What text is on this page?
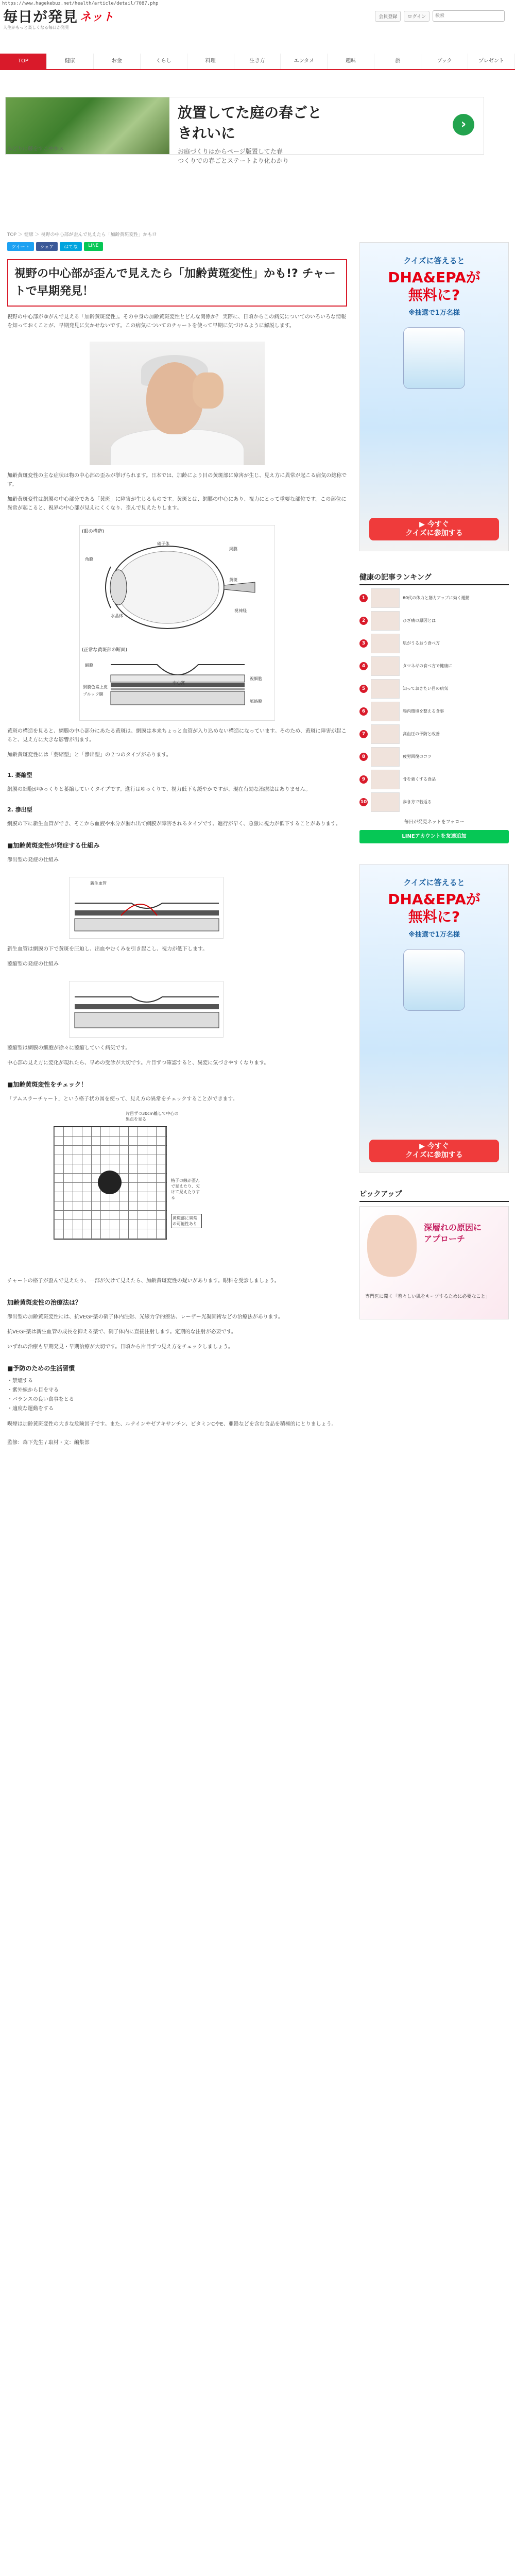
https://www.hagekebuz.net/health/article/detail/7087.php
毎日が発見 ネット
人生がもっと楽しくなる毎日が発見
会員登録	ログイン
検索
TOP	健康	お金	くらし	料理	生き方	エンタメ	趣味	旅	ブック	プレゼント
放置してた庭の春ごと
きれいに

お庭づくりはからページ版置してた春
つくりでの春ごとステートより化わかり

›
みどりに藤をすこやかス
TOP ＞ 健康 ＞ 視野の中心部が歪んで見えたら「加齢黄斑変性」かも!?
ツイート	シェア	はてな	LINE
視野の中心部が歪んで見えたら「加齢黄斑変性」かも!? チャートで早期発見！

視野の中心部がゆがんで見える「加齢黄斑変性」。その中身の加齢黄斑変性とどんな関係か？ 実際に、日頃からこの病気についてのいろいろな情報を知っておくことが、早期発見に欠かせないです。この病気についてのチャートを使って早期に気づけるように解説します。

加齢黄斑変性の主な症状は物の中心部の歪みが挙げられます。日本では、加齢により目の黄斑部に障害が生じ、見え方に異常が起こる病気の総称です。

加齢黄斑変性は網膜の中心部分である「黄斑」に障害が生じるものです。黄斑とは、網膜の中心にあり、視力にとって重要な部位です。この部位に異常が起こると、視界の中心部が見えにくくなり、歪んで見えたりします。

(眼の構造)
角膜
水晶体
硝子体
網膜
黄斑
視神経
(正常な黄斑部の断面)
網膜
中心窩
視細胞
網膜色素上皮
ブルッフ膜
脈絡膜

黄斑の構造を見ると、網膜の中心部分にあたる黄斑は、網膜は本来ちょっと血管が入り込めない構造になっています。そのため、黄斑に障害が起こると、見え方に大きな影響が出ます。

加齢黄斑変性には「萎縮型」と「滲出型」の２つのタイプがあります。

1. 萎縮型

網膜の細胞がゆっくりと萎縮していくタイプです。進行はゆっくりで、視力低下も緩やかですが、現在有効な治療法はありません。

2. 滲出型

網膜の下に新生血管ができ、そこから血液や水分が漏れ出て網膜が障害されるタイプです。進行が早く、急激に視力が低下することがあります。

■加齢黄斑変性が発症する仕組み
滲出型の発症の仕組み
新生血管

新生血管は網膜の下で黄斑を圧迫し、出血やむくみを引き起こし、視力が低下します。

萎縮型の発症の仕組み

萎縮型は網膜の細胞が徐々に萎縮していく病気です。

中心部の見え方に変化が現れたら、早めの受診が大切です。片目ずつ確認すると、異変に気づきやすくなります。

■加齢黄斑変性をチェック！

「アムスラーチャート」という格子状の図を使って、見え方の異常をチェックすることができます。

片目ずつ30cm離して中心の黒点を見る
格子の線が歪んで見えたり、欠けて見えたりする
黄斑部に異常の可能性あり

チャートの格子が歪んで見えたり、一部が欠けて見えたら、加齢黄斑変性の疑いがあります。眼科を受診しましょう。

加齢黄斑変性の治療法は？

滲出型の加齢黄斑変性には、抗VEGF薬の硝子体内注射、光線力学的療法、レーザー光凝固術などの治療法があります。

抗VEGF薬は新生血管の成長を抑える薬で、硝子体内に直接注射します。定期的な注射が必要です。

いずれの治療も早期発見・早期治療が大切です。日頃から片目ずつ見え方をチェックしましょう。

■予防のための生活習慣
・禁煙する
・紫外線から目を守る
・バランスの良い食事をとる
・適度な運動をする

喫煙は加齢黄斑変性の大きな危険因子です。また、ルテインやゼアキサンチン、ビタミンCやE、亜鉛などを含む食品を積極的にとりましょう。

監修：森下先生 / 取材・文：編集部

クイズに答えると
DHA&EPAが
無料に?
※抽選で1万名様
▶ 今すぐ
クイズに参加する
健康の記事ランキング
1	60代の体力と筋力アップに効く運動
2	ひざ痛の原因とは
3	肌がうるおう食べ方
4	タマネギの食べ方で健康に
5	知っておきたい目の病気
6	腸内環境を整える食事
7	高血圧の予防と改善
8	疲労回復のコツ
9	骨を強くする食品
10	歩き方で若返る
毎日が発見ネットをフォロー
LINEアカウントを友達追加
クイズに答えると
DHA&EPAが
無料に?
※抽選で1万名様
▶ 今すぐ
クイズに参加する
ピックアップ
深層れの原因に
アプローチ
専門医に聞く「若々しい肌をキープするために必要なこと」
